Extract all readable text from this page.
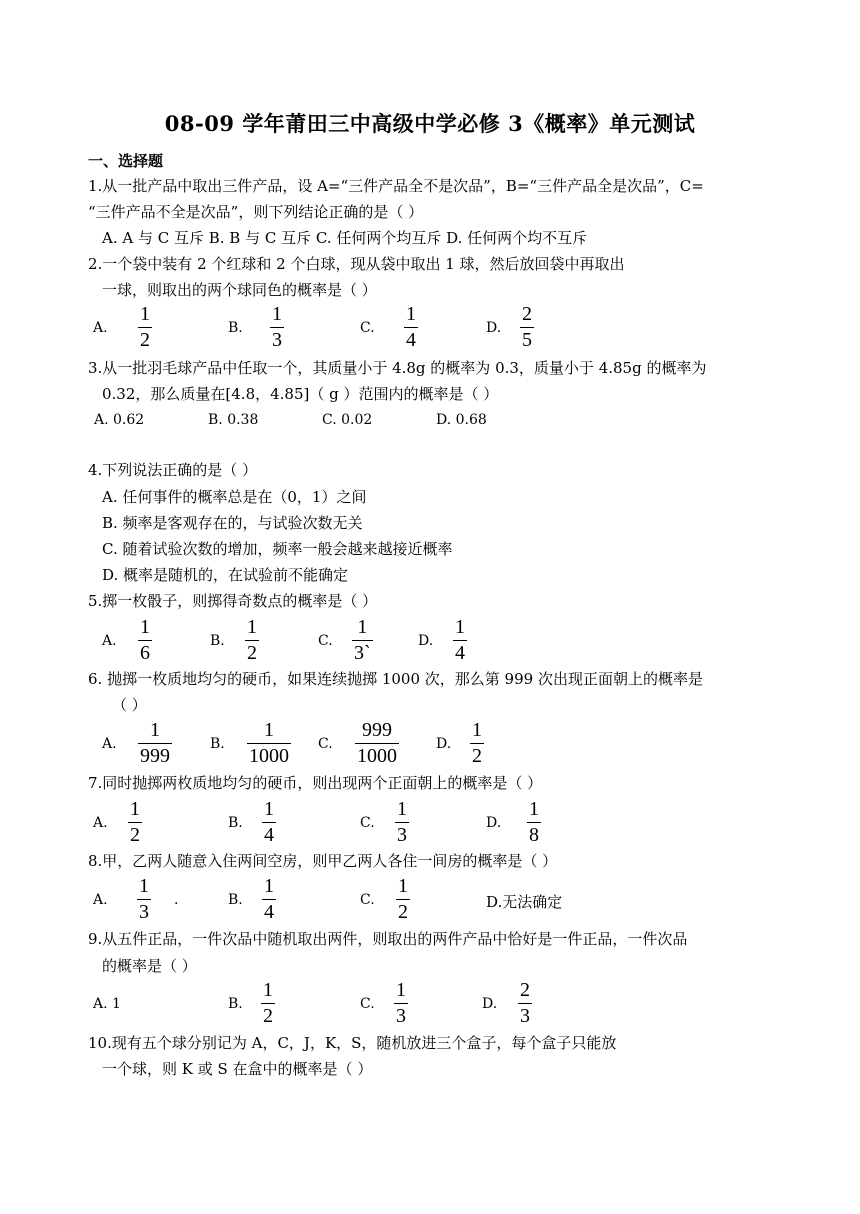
08-09 学年莆田三中高级中学必修 3《概率》单元测试
一、选择题
1.从一批产品中取出三件产品，设 A=“三件产品全不是次品”，B=“三件产品全是次品”，C=
“三件产品不全是次品”，则下列结论正确的是（ ）
A. A 与 C 互斥 B. B 与 C 互斥 C. 任何两个均互斥 D. 任何两个均不互斥
2.一个袋中装有 2 个红球和 2 个白球，现从袋中取出 1 球，然后放回袋中再取出
一球，则取出的两个球同色的概率是（ ）
A.
1
2
B.
1
3
C.
1
4
D.
2
5
3.从一批羽毛球产品中任取一个，其质量小于 4.8g 的概率为 0.3，质量小于 4.85g 的概率为
0.32，那么质量在[4.8，4.85]（ g ）范围内的概率是（ ）
A. 0.62	B. 0.38	C. 0.02	D. 0.68
4.下列说法正确的是（ ）
A. 任何事件的概率总是在（0，1）之间
B. 频率是客观存在的，与试验次数无关
C. 随着试验次数的增加，频率一般会越来越接近概率
D. 概率是随机的，在试验前不能确定
5.掷一枚骰子，则掷得奇数点的概率是（ ）
A.
1
6
B.
1
2
C.
1
3`
D.
1
4
6. 抛掷一枚质地均匀的硬币，如果连续抛掷 1000 次，那么第 999 次出现正面朝上的概率是
（ ）
A.
1
999
B.
1
1000
C.
999
1000
D.
1
2
7.同时抛掷两枚质地均匀的硬币，则出现两个正面朝上的概率是（ ）
A.
1
2
B.
1
4
C.
1
3
D.
1
8
8.甲，乙两人随意入住两间空房，则甲乙两人各住一间房的概率是（ ）
A.
1
3
.	B.
1
4
C.
1
2	D.无法确定
9.从五件正品，一件次品中随机取出两件，则取出的两件产品中恰好是一件正品，一件次品
的概率是（ ）
A. 1	B.
1
2
C.
1
3
D.
2
3
10.现有五个球分别记为 A，C，J，K，S，随机放进三个盒子，每个盒子只能放
一个球，则 K 或 S 在盒中的概率是（ ）
